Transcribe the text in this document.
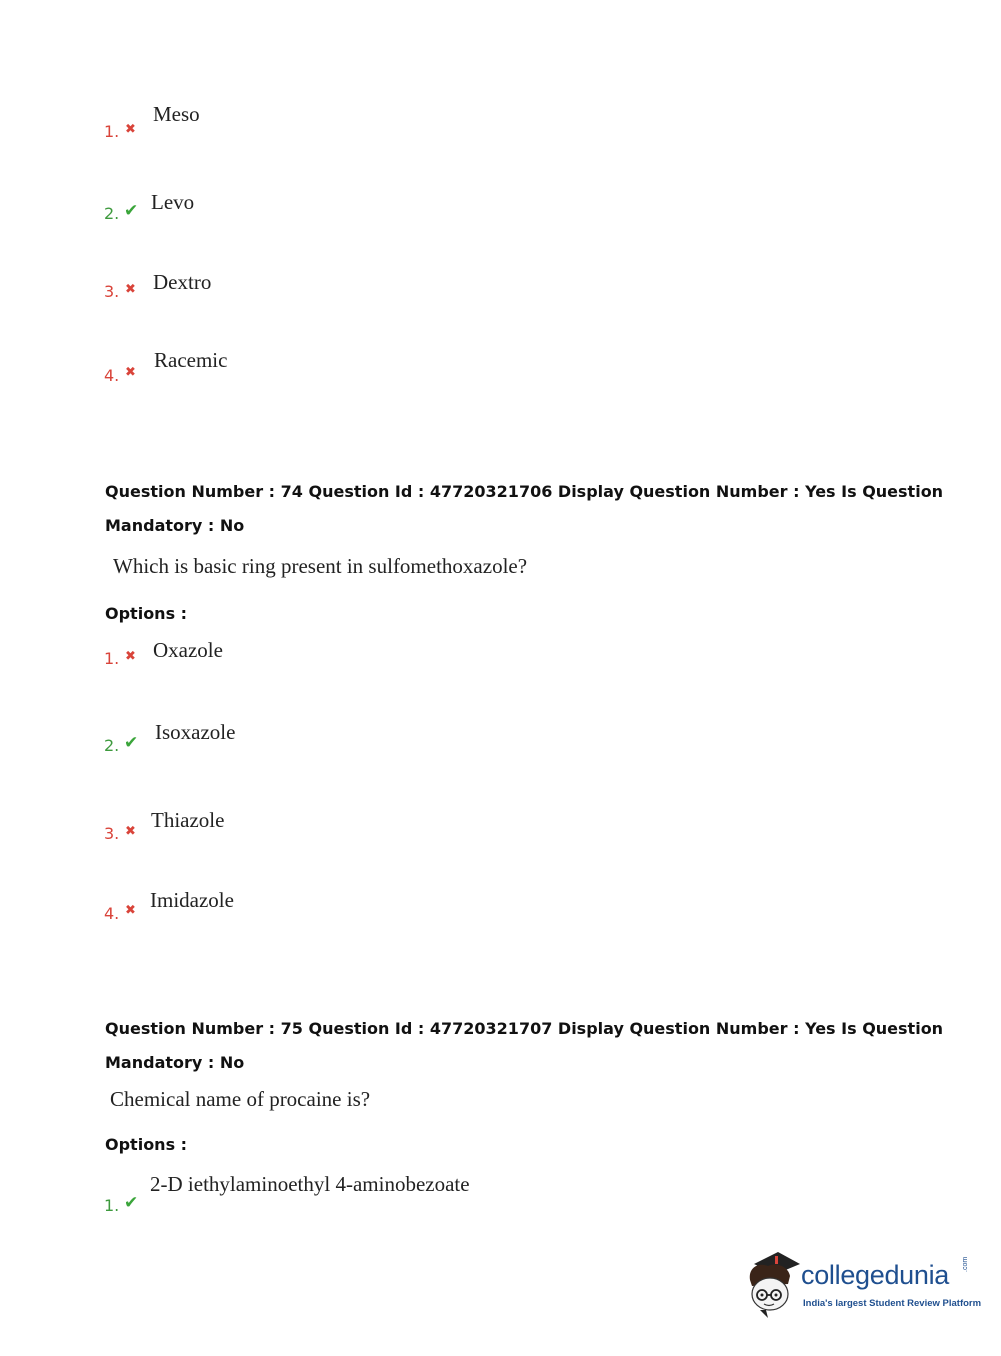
1. ✖
Meso
2. ✔ Levo
3. ✖ Dextro
4. ✖
Racemic
Question Number : 74 Question Id : 47720321706 Display Question Number : Yes Is Question
Mandatory : No
Which is basic ring present in sulfomethoxazole?
Options :
1. ✖ Oxazole
2. ✔ Isoxazole
3. ✖ Thiazole
4. ✖ Imidazole
Question Number : 75 Question Id : 47720321707 Display Question Number : Yes Is Question
Mandatory : No
Chemical name of procaine is?
Options :
1. ✔
2-D iethylaminoethyl 4-aminobezoate
collegedunia .com
India's largest Student Review Platform
